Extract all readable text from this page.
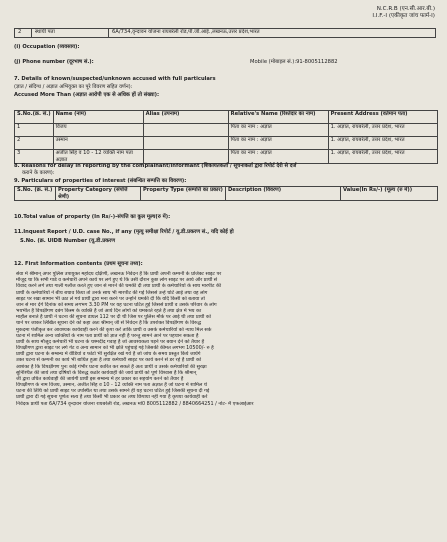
N.C.R.B (एन.सी.आर.बी.)
I.I.F.-I (एकीकृत जांच फार्म-I)
2	स्थायी पता	6A/734,वृन्दावन योजना रायबरेली रोड,पी.जी.आई.,लखनऊ,उत्तर प्रदेश,भारत
(i) Occupation (व्यवसाय):
(j) Phone number (दूरभाष सं.):	Mobile (मोबाइल सं.):91-8005112882
7. Details of known/suspected/unknown accused with full particulars
(ज्ञात / संदिग्ध / अज्ञात अभियुक्त का पूरे विवरण सहित वर्णन):
Accused More Than (अज्ञात आरोपी एक से अधिक हों तो संख्या):
S.No.(क्र. सं.)	Name (नाम)	Alias (उपनाम)	Relative's Name (रिश्तेदार का नाम)	Present Address (वर्तमान पता)
1	विजय		पिता का नाम : अज्ञात	1. अज्ञात, रायबरेली, उत्तर प्रदेश, भारत
2	उस्मान		पिता का नाम : अज्ञात	1. अज्ञात, रायबरेली, उत्तर प्रदेश, भारत
3	अजीत सिंह व 10 - 12 व्यक्ति नाम पता अज्ञात		पिता का नाम : अज्ञात	1. अज्ञात, रायबरेली, उत्तर प्रदेश, भारत
8. Reasons for delay in reporting by the complainant/informant (शिकायतकर्ता / सूचनाकर्ता द्वारा रिपोर्ट देरी से दर्ज
कराने के कारण):
9. Particulars of properties of interest (संबन्धित सम्पत्ति का विवरण):
S.No. (क्र. सं.)	Property Category (संपत्ति श्रेणी)	Property Type (सम्पत्ति का प्रकार)	Description (विवरण)	Value(In Rs/-) (मूल्य (रु में))
10.Total value of property (In Rs/-)-संपत्ति का कुल मूल्य(रु में):
11.Inquest Report / U.D. case No., if any (मृत्यु समीक्षा रिपोर्ट / यू.डी.प्रकरण सं., यदि कोई हो
S.No. (क्र. UIDB Number (यू.डी.प्रकरण
12. First Information contents (प्रथम सूचना तथ्य):
सेवा में श्रीमान् अपर पुलिस उपायुक्त महोदय दक्षिणी, लखनऊ निवेदन है कि प्रार्थी अपनी कम्पनी के प्रोजेक्ट साइट पर
मौजूद था कि सभी गार्ड व कर्मचारी अपने कार्य पर लगे हुए थे कि उसी दौरान कुछ लोग साइट पर आये और प्रार्थी से
विवाद करने लगे तथा गाली गलौज करते हुए जान से मारने की धमकी दी तथा प्रार्थी के कर्मचारियों के साथ मारपीट की
प्रार्थी के कर्मचारियों ने बीच बचाव किया तो उनके साथ भी मारपीट की गई जिससे उन्हें चोटें आई तथा वह लोग
साइट पर रखा सामान भी उठा ले गये प्रार्थी द्वारा मना करने पर उन्होंने धमकी दी कि यदि किसी को बताया तो
जान से मार देंगे दिनांक को समय लगभग 3.30 PM पर यह घटना घटित हुई जिससे प्रार्थी व उसके परिवार के लोग
भयभीत है विपक्षीगण दबंग किस्म के व्यक्ति है जो आये दिन लोगों को धमकाते रहते है तथा क्षेत्र में भय का
माहौल बनाते है प्रार्थी ने घटना की सूचना डायल 112 पर दी थी जिस पर पुलिस मौके पर आई थी तथा प्रार्थी को
थाने पर जाकर लिखित सूचना देने को कहा अतः श्रीमान् जी से निवेदन है कि उपरोक्त विपक्षीगण के विरुद्ध
मुकदमा पंजीकृत कर आवश्यक कार्यवाही करने की कृपा करें ताकि प्रार्थी व उसके कर्मचारियों को न्याय मिल सके
घटना में शामिल अन्य व्यक्तियों के नाम पता प्रार्थी को ज्ञात नही है परन्तु सामने आने पर पहचान सकता है
प्रार्थी के साथ मौजूद कर्मचारी भी घटना के चश्मदीद गवाह है जो आवश्यकता पड़ने पर बयान देने को तैयार है
विपक्षीगण द्वारा साइट पर लगे गेट व अन्य सामान को भी क्षति पहुंचाई गई जिसकी कीमत लगभग 10500/- रु है
प्रार्थी द्वारा घटना के सम्बन्ध में वीडियो व फोटो भी सुरक्षित रखे गये है जो जांच के समय प्रस्तुत किये जायेंगे
उक्त घटना से कम्पनी का कार्य भी बाधित हुआ है तथा कर्मचारी साइट पर कार्य करने से डर रहे है प्रार्थी को
आशंका है कि विपक्षीगण पुनः कोई गंभीर घटना कारित कर सकते है अतः प्रार्थी व उसके कर्मचारियों की सुरक्षा
सुनिश्चित की जाये तथा दोषियों के विरुद्ध कठोर कार्यवाही की जाये प्रार्थी को पूर्ण विश्वास है कि श्रीमान्
जी द्वारा उचित कार्यवाही की जायेगी प्रार्थी इस सम्बन्ध में हर प्रकार का सहयोग करने को तैयार है
विपक्षीगण के नाम विजय, उस्मान, अजीत सिंह व 10 - 12 व्यक्ति नाम पता अज्ञात है जो घटना में शामिल थे
घटना की तिथि को प्रार्थी साइट पर उपस्थित था तथा उसके सामने ही यह घटना घटित हुई जिसकी सूचना दी गई
प्रार्थी द्वारा दी गई सूचना पूर्णतः सत्य है तथा किसी भी प्रकार का तथ्य छिपाया नही गया है कृपया कार्यवाही करें
निवेदक प्रार्थी पता 6A/734 वृन्दावन योजना रायबरेली रोड, लखनऊ मो0 8005112882 / 8840664251 / नोट- मै एफआईआर
